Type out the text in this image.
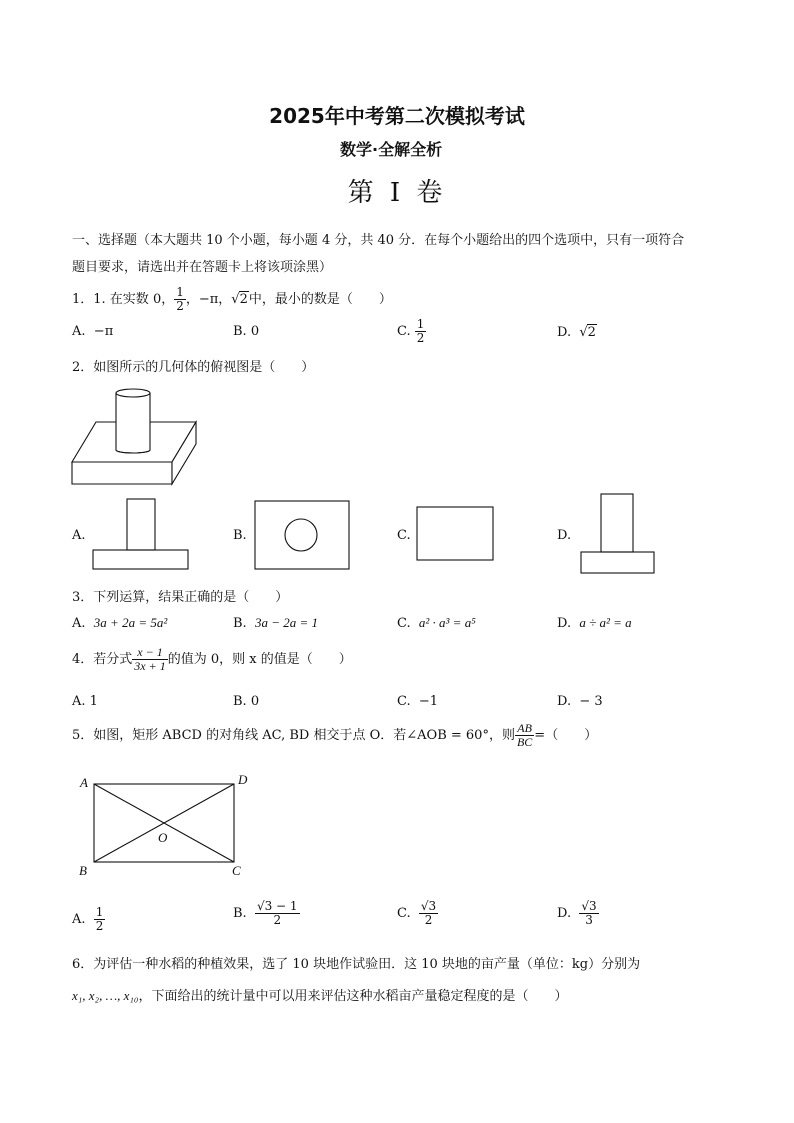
2025年中考第二次模拟考试
数学·全解全析
第 I 卷
一、选择题（本大题共 10 个小题，每小题 4 分，共 40 分．在每个小题给出的四个选项中，只有一项符合
题目要求，请选出并在答题卡上将该项涂黑）
1．1. 在实数 0， $\frac{1}{2}$ ，−π，√2中，最小的数是（　　）
A. −π	B. 0	C. $\frac{1}{2}$	D.  √2
2．如图所示的几何体的俯视图是（　　）
A.	B.	C.	D.
3．下列运算，结果正确的是（　　）
A. 3a + 2a = 5a²	B. 3a − 2a = 1	C. a² · a³ = a⁵	D. a ÷ a² = a
4．若分式 $\frac{x - 1}{3x + 1}$ 的值为 0，则 x 的值是（　　）
A. 1	B. 0	C. −1	D. − 3
5．如图，矩形 ABCD 的对角线 AC, BD 相交于点 O．若∠AOB = 60°，则 $\frac{AB}{BC}$ =（　　）
A	D
B	C
O
A. $\frac{1}{2}$	B. $\frac{√3 - 1}{2}$	C. $\frac{√3}{2}$	D. $\frac{√3}{3}$
6．为评估一种水稻的种植效果，选了 10 块地作试验田．这 10 块地的亩产量（单位：kg）分别为
x₁, x₂, …, x₁₀，下面给出的统计量中可以用来评估这种水稻亩产量稳定程度的是（　　）
